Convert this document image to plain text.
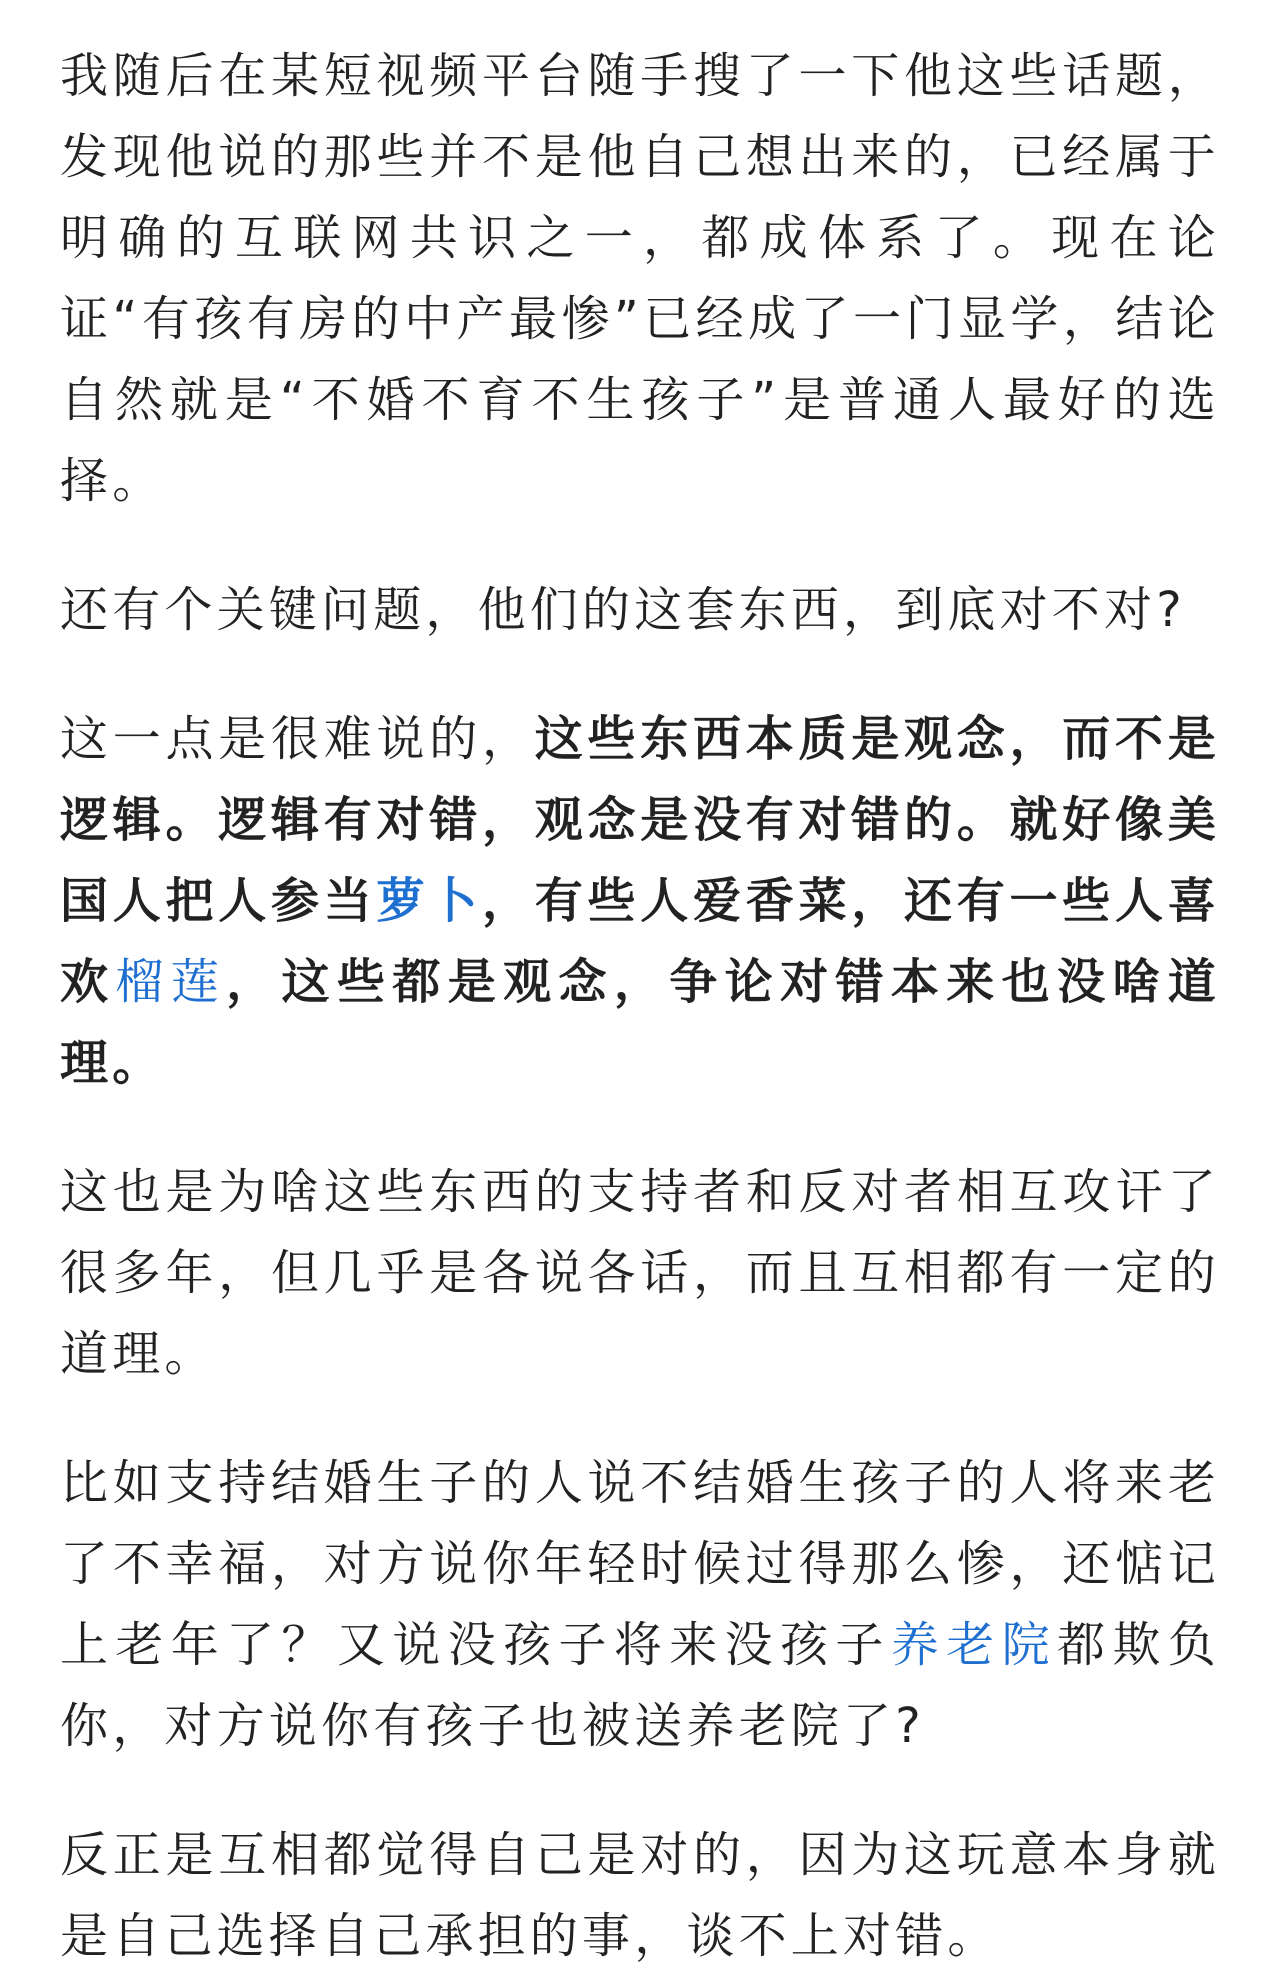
我随后在某短视频平台随手搜了一下他这些话题，发现他说的那些并不是他自己想出来的，已经属于明确的互联网共识之一，都成体系了。现在论证“有孩有房的中产最惨”已经成了一门显学，结论自然就是“不婚不育不生孩子”是普通人最好的选择。

还有个关键问题，他们的这套东西，到底对不对?

这一点是很难说的，这些东西本质是观念，而不是逻辑。逻辑有对错，观念是没有对错的。就好像美国人把人参当萝卜，有些人爱香菜，还有一些人喜欢榴莲，这些都是观念，争论对错本来也没啥道理。

这也是为啥这些东西的支持者和反对者相互攻讦了很多年，但几乎是各说各话，而且互相都有一定的道理。

比如支持结婚生子的人说不结婚生孩子的人将来老了不幸福，对方说你年轻时候过得那么惨，还惦记上老年了？又说没孩子将来没孩子养老院都欺负你，对方说你有孩子也被送养老院了?

反正是互相都觉得自己是对的，因为这玩意本身就是自己选择自己承担的事，谈不上对错。
